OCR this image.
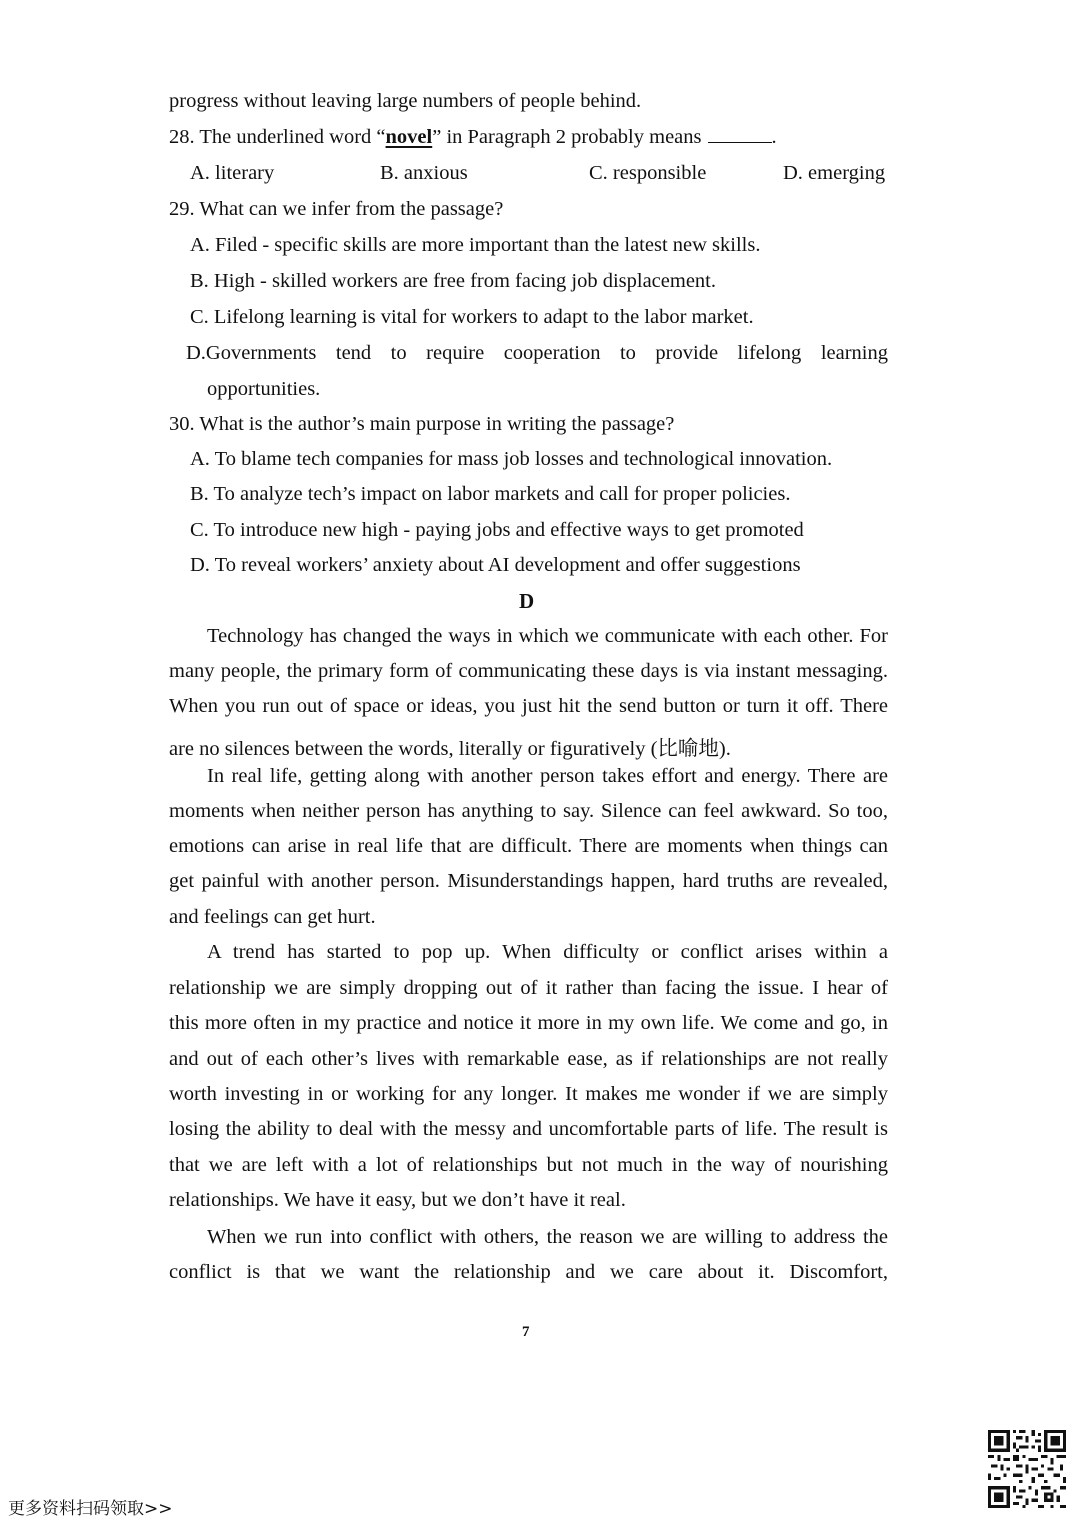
progress without leaving large numbers of people behind.
28. The underlined word “novel” in Paragraph 2 probably means	.
A. literary	B. anxious	C. responsible	D. emerging
29. What can we infer from the passage?
A. Filed - specific skills are more important than the latest new skills.
B. High - skilled workers are free from facing job displacement.
C. Lifelong learning is vital for workers to adapt to the labor market.
D.Governments tend to require cooperation to provide lifelong learning
opportunities.
30. What is the author’s main purpose in writing the passage?
A. To blame tech companies for mass job losses and technological innovation.
B. To analyze tech’s impact on labor markets and call for proper policies.
C. To introduce new high - paying jobs and effective ways to get promoted
D. To reveal workers’ anxiety about AI development and offer suggestions
D
Technology has changed the ways in which we communicate with each other. For
many people, the primary form of communicating these days is via instant messaging.
When you run out of space or ideas, you just hit the send button or turn it off. There
are no silences between the words, literally or figuratively (比喻地).
In real life, getting along with another person takes effort and energy. There are
moments when neither person has anything to say. Silence can feel awkward. So too,
emotions can arise in real life that are difficult. There are moments when things can
get painful with another person. Misunderstandings happen, hard truths are revealed,
and feelings can get hurt.
A trend has started to pop up. When difficulty or conflict arises within a
relationship we are simply dropping out of it rather than facing the issue. I hear of
this more often in my practice and notice it more in my own life. We come and go, in
and out of each other’s lives with remarkable ease, as if relationships are not really
worth investing in or working for any longer. It makes me wonder if we are simply
losing the ability to deal with the messy and uncomfortable parts of life. The result is
that we are left with a lot of relationships but not much in the way of nourishing
relationships. We have it easy, but we don’t have it real.
When we run into conflict with others, the reason we are willing to address the
conflict is that we want the relationship and we care about it. Discomfort,
7
更多资料扫码领取>>
